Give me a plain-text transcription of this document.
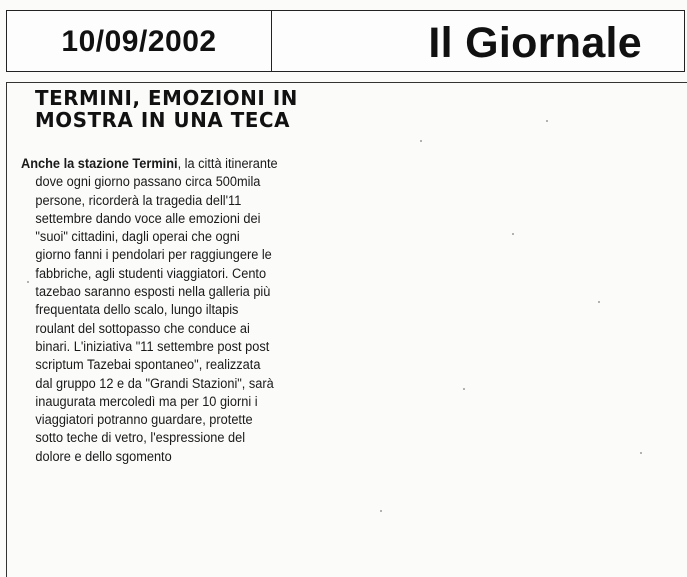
10/09/2002	Il Giornale
TERMINI, EMOZIONI IN
MOSTRA IN UNA TECA
Anche la stazione Termini, la città itinerante
dove ogni giorno passano circa 500mila
persone, ricorderà la tragedia dell'11
settembre dando voce alle emozioni dei
"suoi" cittadini, dagli operai che ogni
giorno fanni i pendolari per raggiungere le
fabbriche, agli studenti viaggiatori. Cento
tazebao saranno esposti nella galleria più
frequentata dello scalo, lungo iltapis
roulant del sottopasso che conduce ai
binari. L'iniziativa "11 settembre post post
scriptum Tazebai spontaneo", realizzata
dal gruppo 12 e da "Grandi Stazioni", sarà
inaugurata mercoledì ma per 10 giorni i
viaggiatori potranno guardare, protette
sotto teche di vetro, l'espressione del
dolore e dello sgomento
